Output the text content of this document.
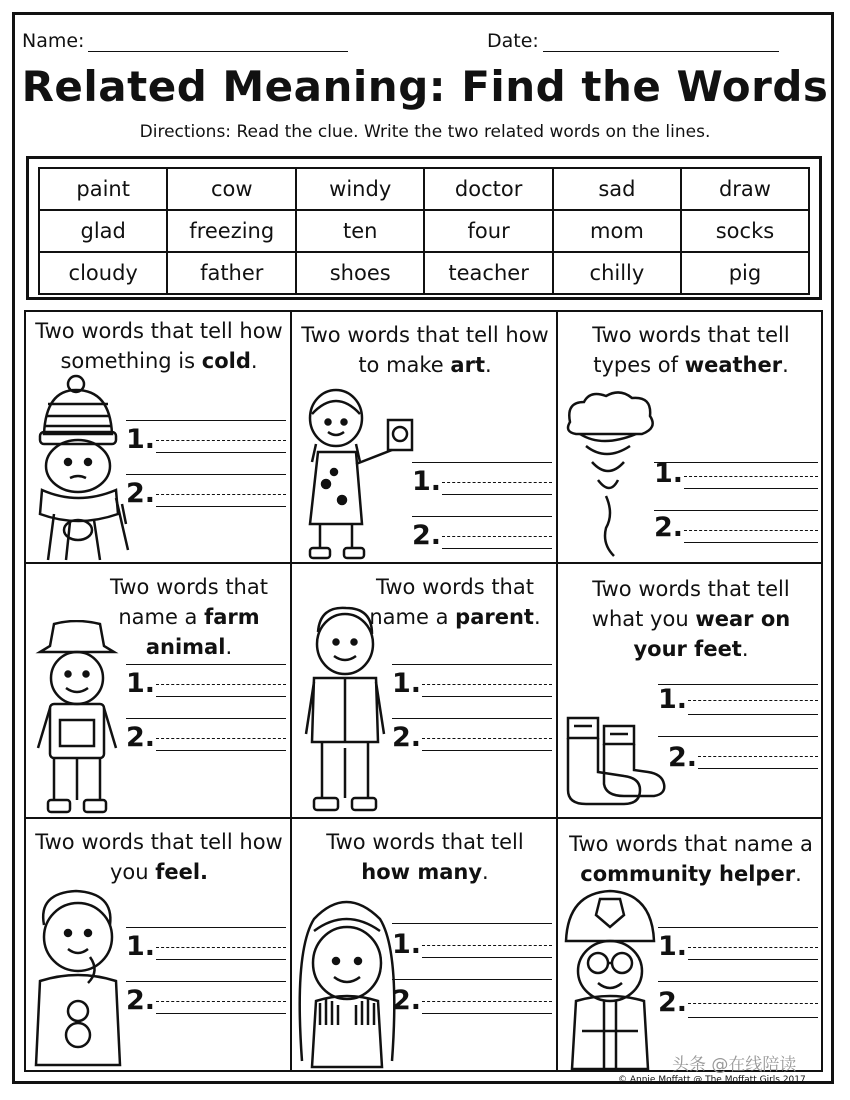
Name:	Date:
Related Meaning: Find the Words
Directions: Read the clue. Write the two related words on the lines.
paint	cow	windy	doctor	sad	draw
glad	freezing	ten	four	mom	socks
cloudy	father	shoes	teacher	chilly	pig
Two words that tell how something is cold.
1.
2.
Two words that tell how to make art.
1.
2.
Two words that tell types of weather.
1.
2.
Two words that name a farm animal.
1.
2.
Two words that name a parent.
1.
2.
Two words that tell what you wear on your feet.
1.
2.
Two words that tell how you feel.
1.
2.
Two words that tell how many.
1.
2.
Two words that name a community helper.
1.
2.
头条 @在线陪读
© Annie Moffatt @ The Moffatt Girls 2017
